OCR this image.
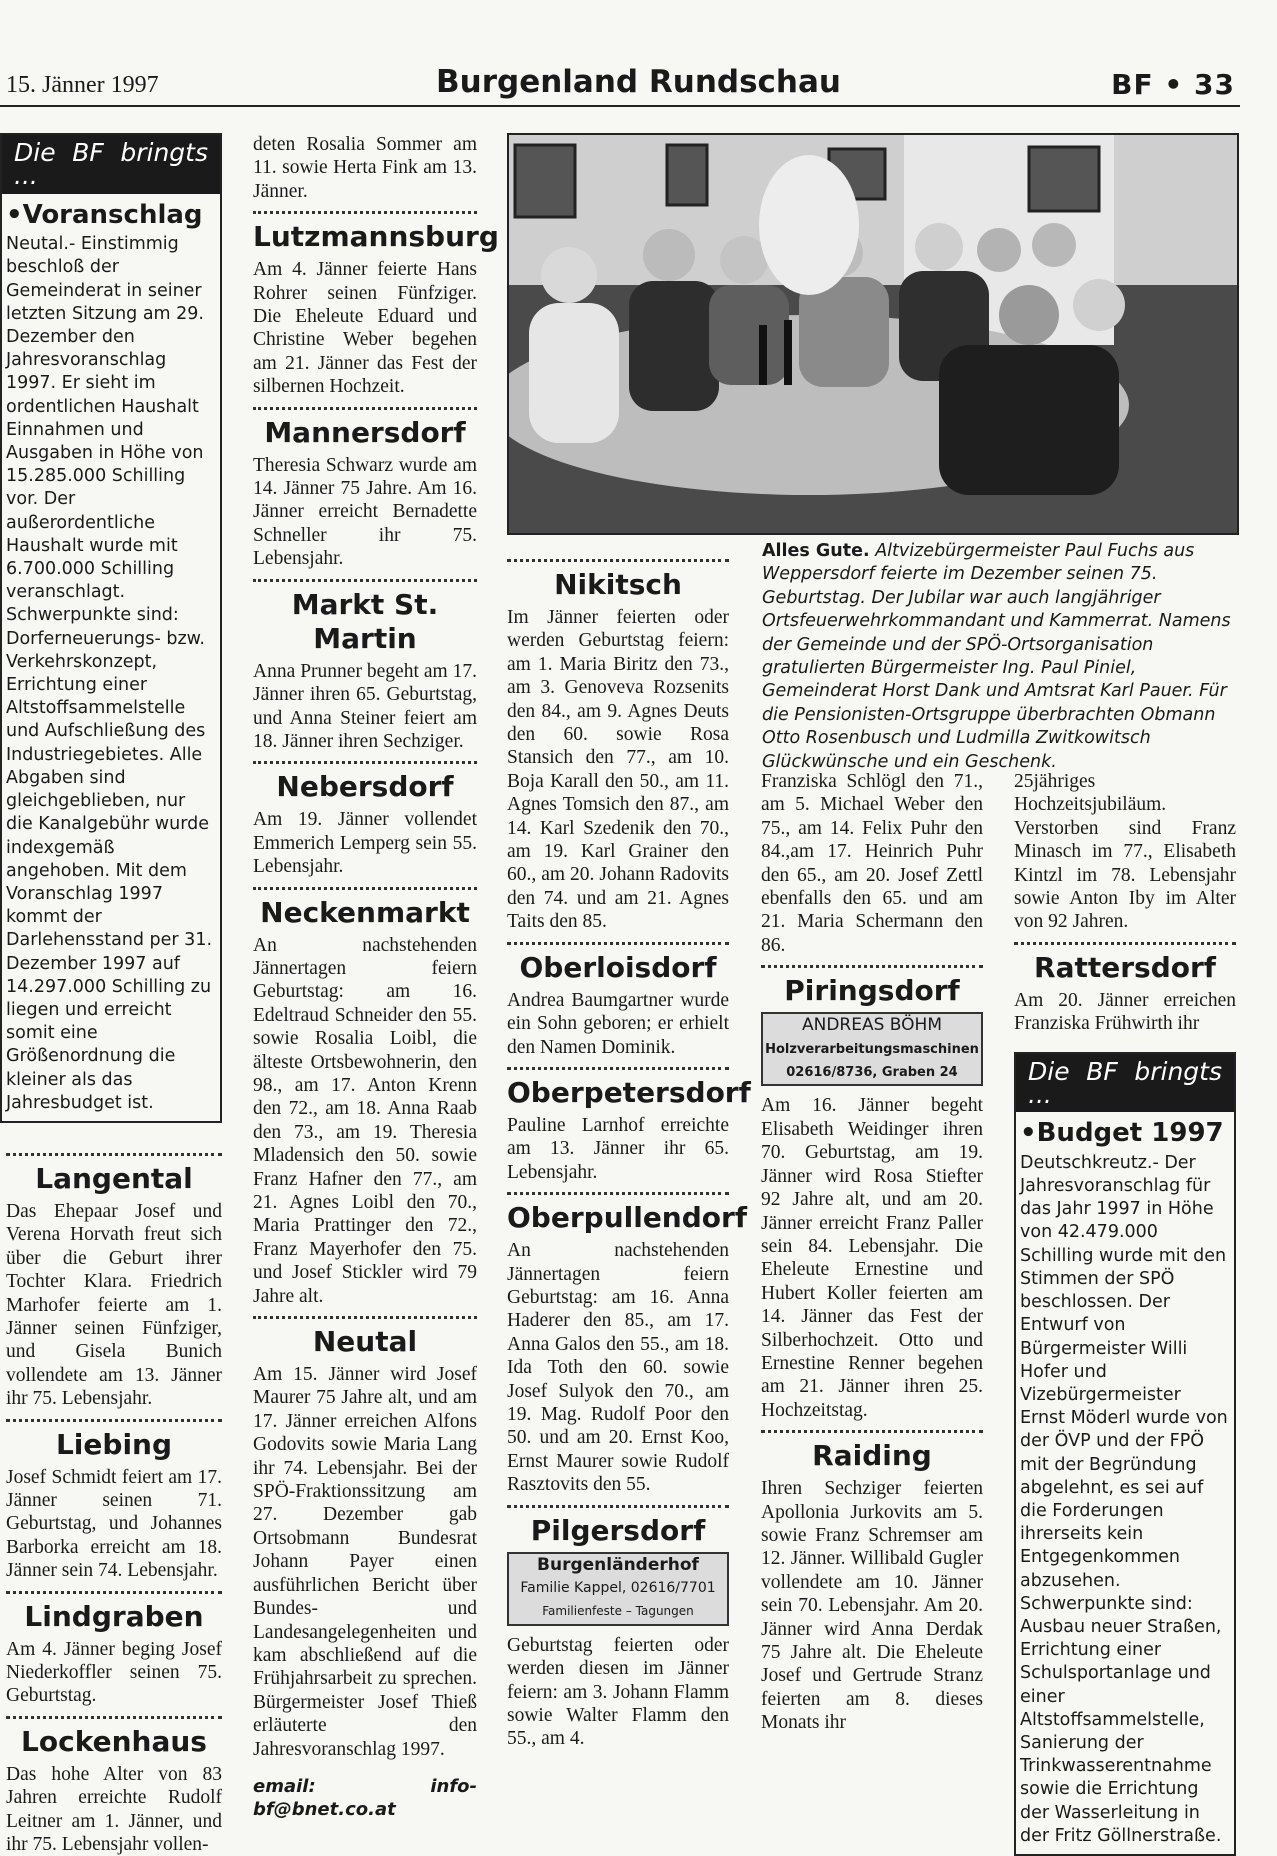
15. Jänner 1997	Burgenland Rundschau	BF • 33
Die BF bringts ...
•Voranschlag
Neutal.- Einstimmig beschloß der Gemeinderat in seiner letzten Sitzung am 29. Dezember den Jahresvoranschlag 1997. Er sieht im ordentlichen Haushalt Einnahmen und Ausgaben in Höhe von 15.285.000 Schilling vor. Der außerordentliche Haushalt wurde mit 6.700.000 Schilling veranschlagt. Schwerpunkte sind: Dorferneuerungs- bzw. Verkehrskonzept, Errichtung einer Altstoffsammelstelle und Aufschließung des Industriegebietes. Alle Abgaben sind gleichgeblieben, nur die Kanalgebühr wurde indexgemäß angehoben. Mit dem Voranschlag 1997 kommt der Darlehensstand per 31. Dezember 1997 auf 14.297.000 Schilling zu liegen und erreicht somit eine Größenordnung die kleiner als das Jahresbudget ist.
Langental

Das Ehepaar Josef und Verena Horvath freut sich über die Geburt ihrer Tochter Klara. Friedrich Marhofer feierte am 1. Jänner seinen Fünfziger, und Gisela Bunich vollendete am 13. Jänner ihr 75. Lebensjahr.

Liebing

Josef Schmidt feiert am 17. Jänner seinen 71. Geburtstag, und Johannes Barborka erreicht am 18. Jänner sein 74. Lebensjahr.

Lindgraben

Am 4. Jänner beging Josef Niederkoffler seinen 75. Geburtstag.

Lockenhaus

Das hohe Alter von 83 Jahren erreichte Rudolf Leitner am 1. Jänner, und ihr 75. Lebensjahr vollen-

deten Rosalia Sommer am 11. sowie Herta Fink am 13. Jänner.

Lutzmannsburg

Am 4. Jänner feierte Hans Rohrer seinen Fünfziger. Die Eheleute Eduard und Christine Weber begehen am 21. Jänner das Fest der silbernen Hochzeit.

Mannersdorf

Theresia Schwarz wurde am 14. Jänner 75 Jahre. Am 16. Jänner erreicht Bernadette Schneller ihr 75. Lebensjahr.

Markt St. Martin

Anna Prunner begeht am 17. Jänner ihren 65. Geburtstag, und Anna Steiner feiert am 18. Jänner ihren Sechziger.

Nebersdorf

Am 19. Jänner vollendet Emmerich Lemperg sein 55. Lebensjahr.

Neckenmarkt

An nachstehenden Jännertagen feiern Geburtstag: am 16. Edeltraud Schneider den 55. sowie Rosalia Loibl, die älteste Ortsbewohnerin, den 98., am 17. Anton Krenn den 72., am 18. Anna Raab den 73., am 19. Theresia Mladensich den 50. sowie Franz Hafner den 77., am 21. Agnes Loibl den 70., Maria Prattinger den 72., Franz Mayerhofer den 75. und Josef Stickler wird 79 Jahre alt.

Neutal

Am 15. Jänner wird Josef Maurer 75 Jahre alt, und am 17. Jänner erreichen Alfons Godovits sowie Maria Lang ihr 74. Lebensjahr. Bei der SPÖ-Fraktionssitzung am 27. Dezember gab Ortsobmann Bundesrat Johann Payer einen ausführlichen Bericht über Bundes- und Landesangelegenheiten und kam abschließend auf die Frühjahrsarbeit zu sprechen. Bürgermeister Josef Thieß erläuterte den Jahresvoranschlag 1997.

email: info-bf@bnet.co.at
Alles Gute. Altvizebürgermeister Paul Fuchs aus Weppersdorf feierte im Dezember seinen 75. Geburtstag. Der Jubilar war auch langjähriger Ortsfeuerwehrkommandant und Kammerrat. Namens der Gemeinde und der SPÖ-Ortsorganisation gratulierten Bürgermeister Ing. Paul Piniel, Gemeinderat Horst Dank und Amtsrat Karl Pauer. Für die Pensionisten-Ortsgruppe überbrachten Obmann Otto Rosenbusch und Ludmilla Zwitkowitsch Glückwünsche und ein Geschenk.
Nikitsch

Im Jänner feierten oder werden Geburtstag feiern: am 1. Maria Biritz den 73., am 3. Genoveva Rozsenits den 84., am 9. Agnes Deuts den 60. sowie Rosa Stansich den 77., am 10. Boja Karall den 50., am 11. Agnes Tomsich den 87., am 14. Karl Szedenik den 70., am 19. Karl Grainer den 60., am 20. Johann Radovits den 74. und am 21. Agnes Taits den 85.

Oberloisdorf

Andrea Baumgartner wurde ein Sohn geboren; er erhielt den Namen Dominik.

Oberpetersdorf

Pauline Larnhof erreichte am 13. Jänner ihr 65. Lebensjahr.

Oberpullendorf

An nachstehenden Jännertagen feiern Geburtstag: am 16. Anna Haderer den 85., am 17. Anna Galos den 55., am 18. Ida Toth den 60. sowie Josef Sulyok den 70., am 19. Mag. Rudolf Poor den 50. und am 20. Ernst Koo, Ernst Maurer sowie Rudolf Rasztovits den 55.

Pilgersdorf
Burgenländerhof
Familie Kappel, 02616/7701
Familienfeste – Tagungen

Geburtstag feierten oder werden diesen im Jänner feiern: am 3. Johann Flamm sowie Walter Flamm den 55., am 4.

Franziska Schlögl den 71., am 5. Michael Weber den 75., am 14. Felix Puhr den 84.,am 17. Heinrich Puhr den 65., am 20. Josef Zettl ebenfalls den 65. und am 21. Maria Schermann den 86.

Piringsdorf
ANDREAS BÖHM
Holzverarbeitungsmaschinen
02616/8736, Graben 24

Am 16. Jänner begeht Elisabeth Weidinger ihren 70. Geburtstag, am 19. Jänner wird Rosa Stiefter 92 Jahre alt, und am 20. Jänner erreicht Franz Paller sein 84. Lebensjahr. Die Eheleute Ernestine und Hubert Koller feierten am 14. Jänner das Fest der Silberhochzeit. Otto und Ernestine Renner begehen am 21. Jänner ihren 25. Hochzeitstag.

Raiding

Ihren Sechziger feierten Apollonia Jurkovits am 5. sowie Franz Schremser am 12. Jänner. Willibald Gugler vollendete am 10. Jänner sein 70. Lebensjahr. Am 20. Jänner wird Anna Derdak 75 Jahre alt. Die Eheleute Josef und Gertrude Stranz feierten am 8. dieses Monats ihr

25jähriges Hochzeitsjubiläum. Verstorben sind Franz Minasch im 77., Elisabeth Kintzl im 78. Lebensjahr sowie Anton Iby im Alter von 92 Jahren.

Rattersdorf

Am 20. Jänner erreichen Franziska Frühwirth ihr

Die BF bringts ...
•Budget 1997
Deutschkreutz.- Der Jahresvoranschlag für das Jahr 1997 in Höhe von 42.479.000 Schilling wurde mit den Stimmen der SPÖ beschlossen. Der Entwurf von Bürgermeister Willi Hofer und Vizebürgermeister Ernst Möderl wurde von der ÖVP und der FPÖ mit der Begründung abgelehnt, es sei auf die Forderungen ihrerseits kein Entgegenkommen abzusehen. Schwerpunkte sind: Ausbau neuer Straßen, Errichtung einer Schulsportanlage und einer Altstoffsammelstelle, Sanierung der Trinkwasserentnahme sowie die Errichtung der Wasserleitung in der Fritz Göllnerstraße.
